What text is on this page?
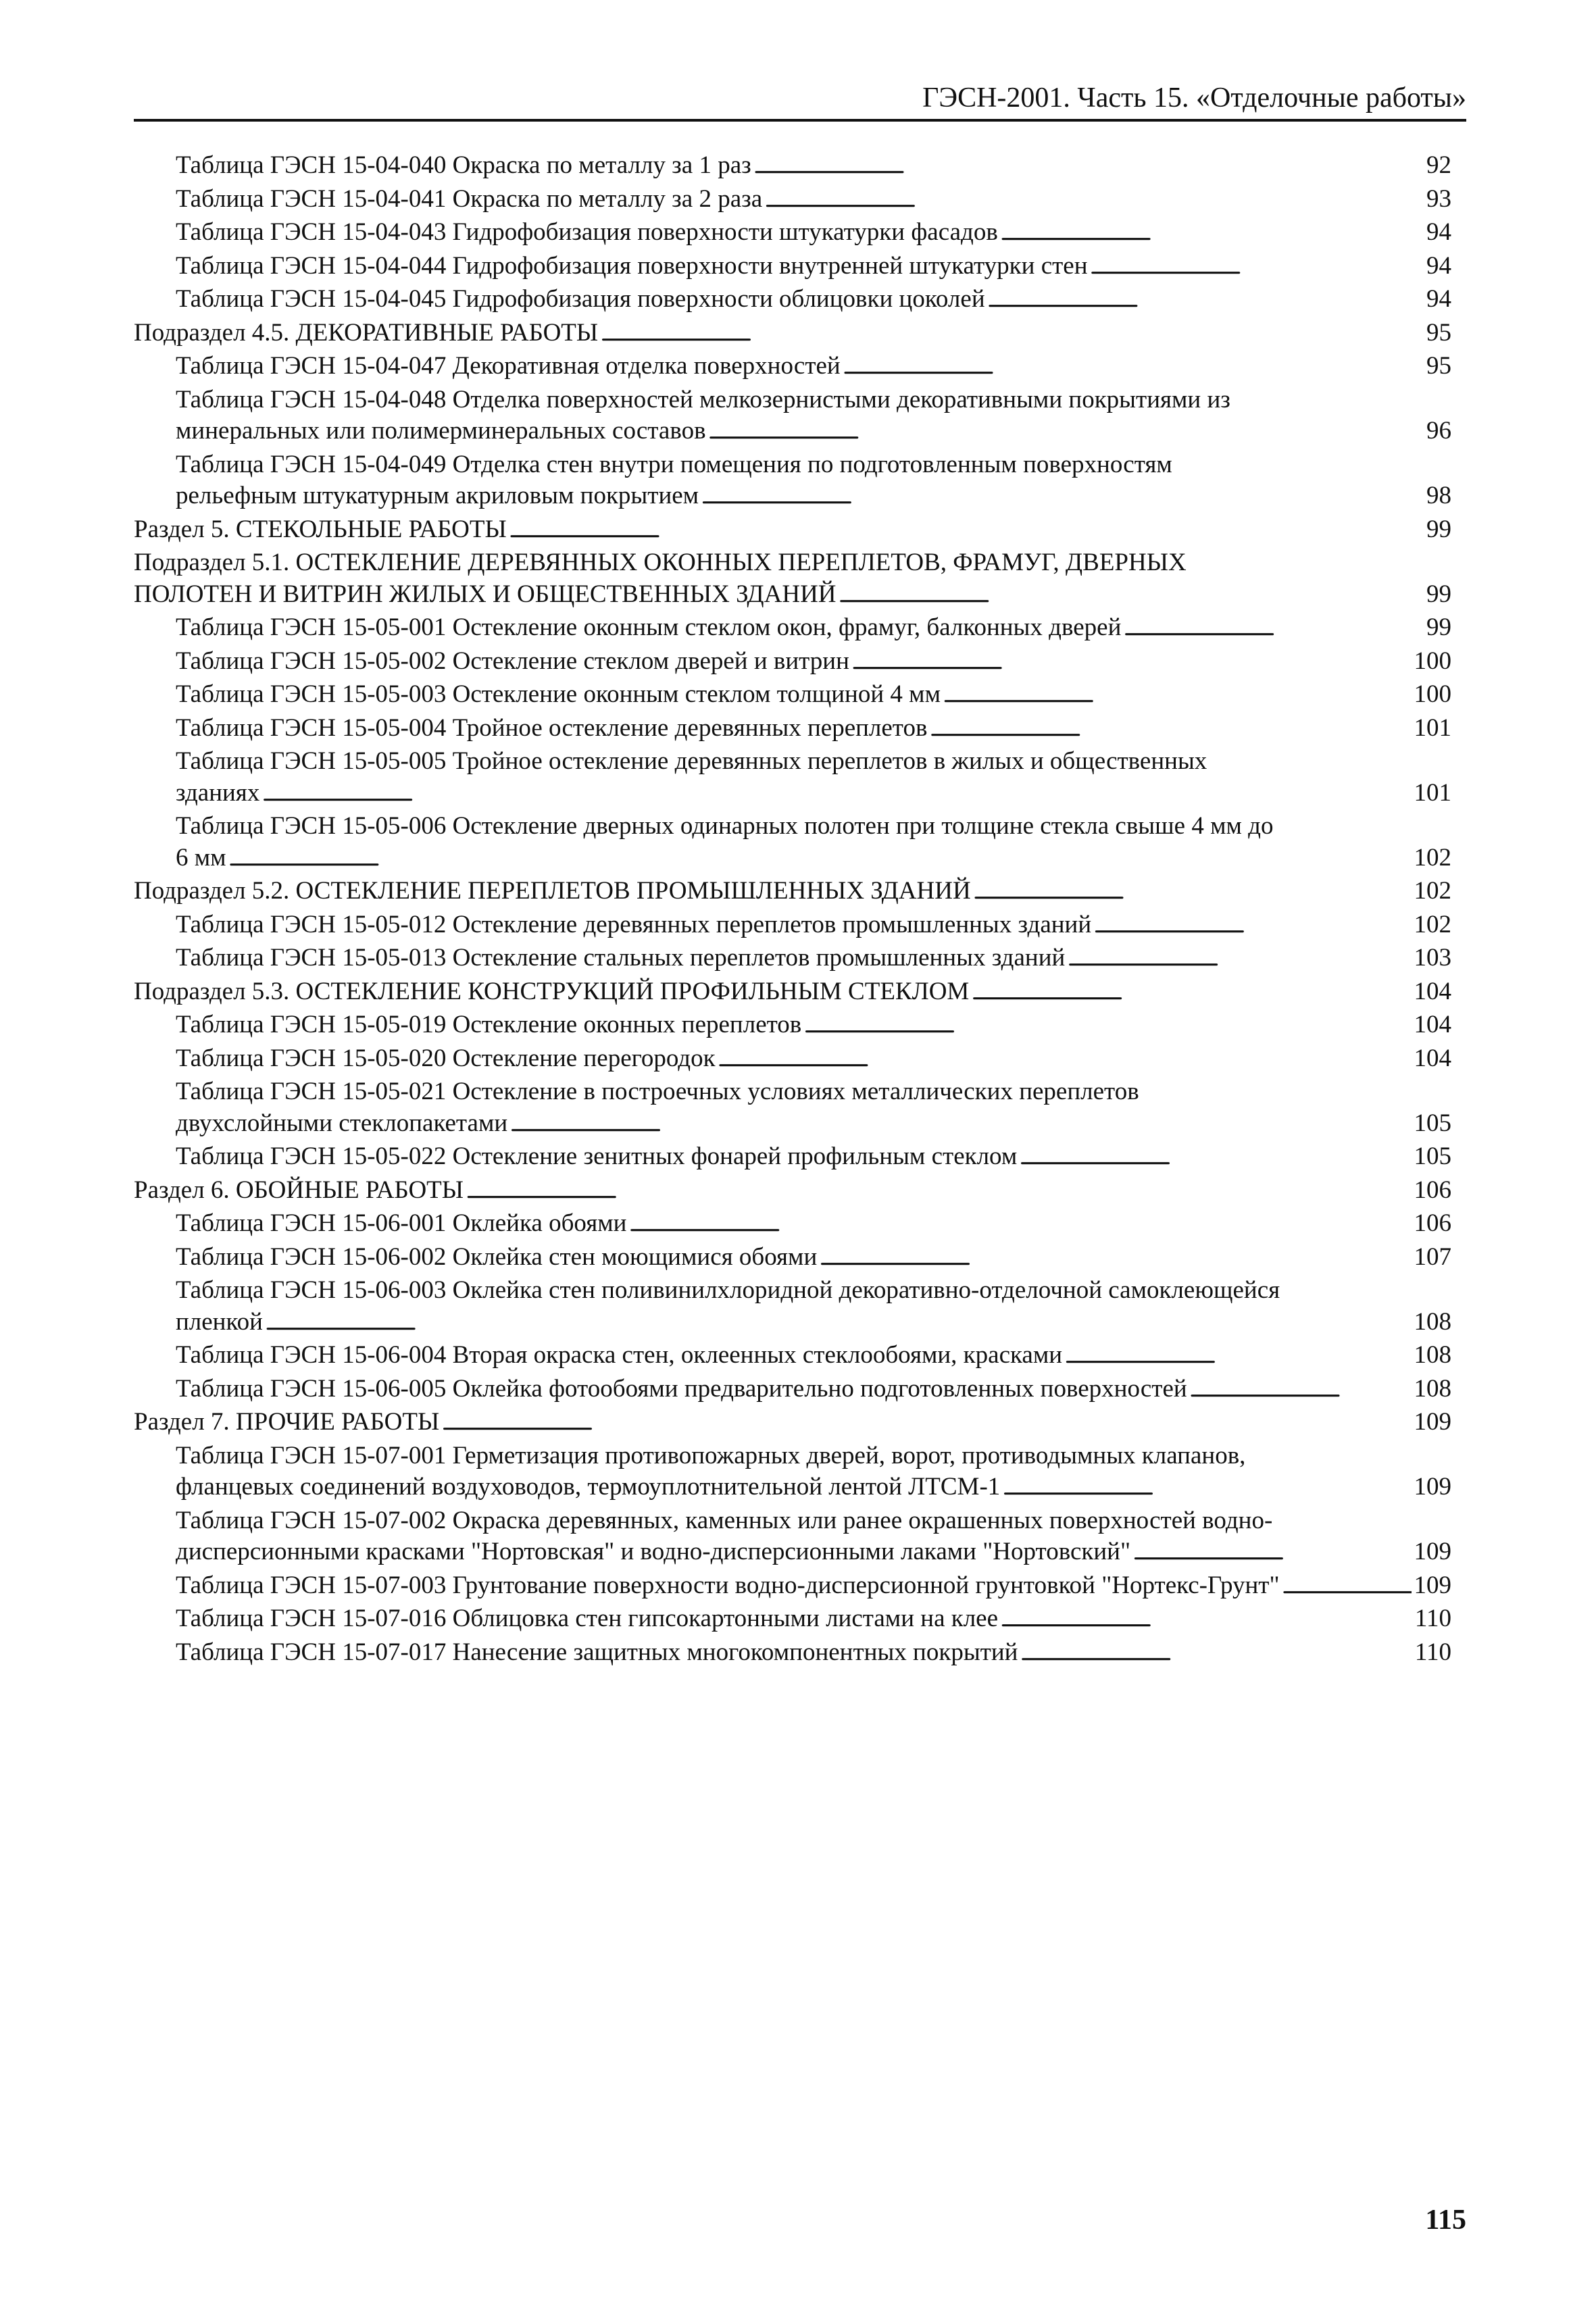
ГЭСН-2001. Часть 15. «Отделочные работы»
Таблица ГЭСН 15-04-040 Окраска по металлу за 1 раз . . .	92
Таблица ГЭСН 15-04-041 Окраска по металлу за 2 раза . . .	93
Таблица ГЭСН 15-04-043 Гидрофобизация поверхности штукатурки фасадов . . .	94
Таблица ГЭСН 15-04-044 Гидрофобизация поверхности внутренней штукатурки стен . . .	94
Таблица ГЭСН 15-04-045 Гидрофобизация поверхности облицовки цоколей . . .	94
Подраздел 4.5. ДЕКОРАТИВНЫЕ РАБОТЫ . . .	95
Таблица ГЭСН 15-04-047 Декоративная отделка поверхностей . . .	95
Таблица ГЭСН 15-04-048 Отделка поверхностей мелкозернистыми декоративными покрытиями из
минеральных или полимерминеральных составов . . .	96
Таблица ГЭСН 15-04-049 Отделка стен внутри помещения по подготовленным поверхностям
рельефным штукатурным акриловым покрытием . . .	98
Раздел 5. СТЕКОЛЬНЫЕ РАБОТЫ . . .	99
Подраздел 5.1. ОСТЕКЛЕНИЕ ДЕРЕВЯННЫХ ОКОННЫХ ПЕРЕПЛЕТОВ, ФРАМУГ, ДВЕРНЫХ
ПОЛОТЕН И ВИТРИН ЖИЛЫХ И ОБЩЕСТВЕННЫХ ЗДАНИЙ . . .	99
Таблица ГЭСН 15-05-001 Остекление оконным стеклом окон, фрамуг, балконных дверей . . .	99
Таблица ГЭСН 15-05-002 Остекление стеклом дверей и витрин . . .	100
Таблица ГЭСН 15-05-003 Остекление оконным стеклом толщиной 4 мм . . .	100
Таблица ГЭСН 15-05-004 Тройное остекление деревянных переплетов . . .	101
Таблица ГЭСН 15-05-005 Тройное остекление деревянных переплетов в жилых и общественных
зданиях . . .	101
Таблица ГЭСН 15-05-006 Остекление дверных одинарных полотен при толщине стекла свыше 4 мм до
6 мм . . .	102
Подраздел 5.2. ОСТЕКЛЕНИЕ ПЕРЕПЛЕТОВ ПРОМЫШЛЕННЫХ ЗДАНИЙ . . .	102
Таблица ГЭСН 15-05-012 Остекление деревянных переплетов промышленных зданий . . .	102
Таблица ГЭСН 15-05-013 Остекление стальных переплетов промышленных зданий . . .	103
Подраздел 5.3. ОСТЕКЛЕНИЕ КОНСТРУКЦИЙ ПРОФИЛЬНЫМ СТЕКЛОМ . . .	104
Таблица ГЭСН 15-05-019 Остекление оконных переплетов . . .	104
Таблица ГЭСН 15-05-020 Остекление перегородок . . .	104
Таблица ГЭСН 15-05-021 Остекление в построечных условиях металлических переплетов
двухслойными стеклопакетами . . .	105
Таблица ГЭСН 15-05-022 Остекление зенитных фонарей профильным стеклом . . .	105
Раздел 6. ОБОЙНЫЕ РАБОТЫ . . .	106
Таблица ГЭСН 15-06-001 Оклейка обоями . . .	106
Таблица ГЭСН 15-06-002 Оклейка стен моющимися обоями . . .	107
Таблица ГЭСН 15-06-003 Оклейка стен поливинилхлоридной декоративно-отделочной самоклеющейся
пленкой . . .	108
Таблица ГЭСН 15-06-004 Вторая окраска стен, оклеенных стеклообоями, красками . . .	108
Таблица ГЭСН 15-06-005 Оклейка фотообоями предварительно подготовленных поверхностей . . .	108
Раздел 7. ПРОЧИЕ РАБОТЫ . . .	109
Таблица ГЭСН 15-07-001 Герметизация противопожарных дверей, ворот, противодымных клапанов,
фланцевых соединений воздуховодов, термоуплотнительной лентой ЛТСМ-1 . . .	109
Таблица ГЭСН 15-07-002 Окраска деревянных, каменных или ранее окрашенных поверхностей водно-
дисперсионными красками "Нортовская" и водно-дисперсионными лаками "Нортовский" . . .	109
Таблица ГЭСН 15-07-003 Грунтование поверхности водно-дисперсионной грунтовкой "Нортекс-Грунт" . . .	109
Таблица ГЭСН 15-07-016 Облицовка стен гипсокартонными листами на клее . . .	110
Таблица ГЭСН 15-07-017 Нанесение защитных многокомпонентных покрытий . . .	110
115
